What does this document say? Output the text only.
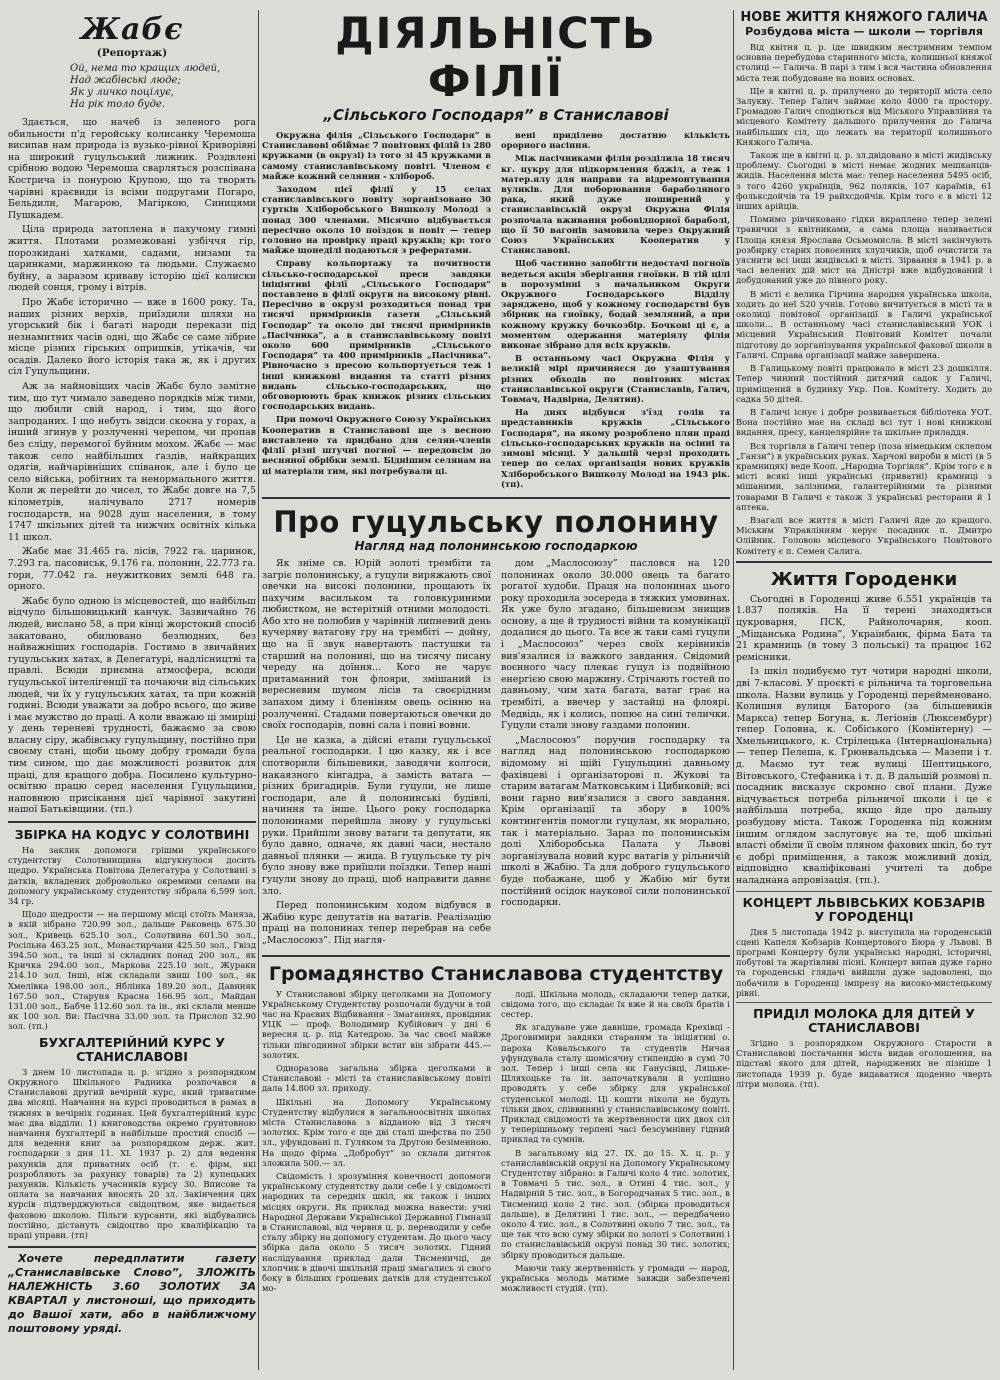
Жабє
(Репортаж)

Ой, нема то кращих людей,

Над жабівські люде;

Як у личко поцілує,

На рік толо буде.

Здається, що начеб із зеленого рога обильности п'д геройську колисанку Черемоша висипав нам природа із вузько-рівної Криворівні на широкий гуцульський лижник. Роздвлені срібною водою Черемоша сварляться розспівана Кострича із понурою Крупою, що та творять чарівні краєвиди із всіми подругами Погаро, Бельдилн, Магарою, Магіркою, Синицями Пушкадем.

Ціла природа затоплена в пахучому гимні життя. Плотами розмежовані узбіччя гір, порозкидані хатками, садами, низами та царинками, маржинкою та людьми. Служаємо буйну, а заразом криваву історію цієї колиски людей сонця, грому і вітрів.

Про Жабє історично — вже в 1600 року. Та, наших різних верхів, приїздили шляхи на угорський бік і багаті народи перекази під незнамитних часів одні, що Жабє се саме зібрие місце різних гірських опришків, утікачів, чи осадів. Далеко його історія така ж, як і других сіл Гуцульщини.

Аж за найновіших часів Жабє було замітне тим, що тут чимало заведено порядків між тими, що любили свій народ, і тим, що його запроданих. І що небуть звідси скоєна у горах, а інший згинув у розлученні черепом, чи пропав без сліду, перемогої буйним мохом. Жабє — має також село найбільших ґаздів, найкращих одягів, найчарівніших співанок, але і було це село війська, робітних та ненормального життя. Коли ж перейти до чисел, то Жабє довге на 7,5 кілометрів, налічувало 2717 номерів господарств, на 9028 душ населення, в тому 1747 шкільних дітей та нижчих освітніх кілька 11 школ.

Жабє має 31.465 га. лісів, 7922 га. царинок, 7.293 га. пасовиськ, 9.176 га. полонин, 22.773 га. гори, 77.042 га. неужиткових землі 648 га. орного.

Жабє було одною із місцевостей, що найбільш відчуло більшовицький канчук. Зазвичайно 76 людей, вислано 58, а при кінці жорстокий спосіб закатовано, обилювано безлюдних, без найважніших господарів. Гостимо в звичайних гуцульських хатах, в Делегатурі, надлісництві та правлі. Всюди приємна атмосфера, всюди гуцульської інтелігенції та почаючи від сільських людей, чи їх у гуцульських хатах, та при кожній годині. Всюди уважати за добро всього, що живе і має мужство до праці. А коли вважаю ці змиріці у день тереневі трудності, бажаємо за свою власну сіру, жабівську гуцульщину, постійно при своєму стані, щоби цьому добру громади була тим сином, що дає можливості розвиток для праці, для кращого добра. Посилено культурно-освітню працю серед населення Гуцульщини, наповнюю присікання цієї чарівної закутині нашої Батьківщини. (тп.)

ЗБІРКА НА КОДУС У СОЛОТВИНІ

На заклик допомоги грішми українського студентству Солотвинщина відгукнулося досить щедро. Українська Повітова Делегатура у Солотвині з датків, вкладених доброволько окремими селами на допомогу українському студентству зібрала 6,599 зол. 34 гр.

Щодо щедрости — на першому місці стоїть Маняза, в якій зібрано 720.99 зол., дальше Раковець 675.30 зол., Кривець 625.10 зол., Солотвина 601.50 зол., Росільна 463.25 зол., Монастирчани 425.50 зол., Гвізд 394.50 зол., та інші зі складних понад 200 зол., як Кричка 294.00 зол., Маркова 225.10 зол., Жураки 214.10 зол. Інші, ніж складали звиш 100 зол., як Хмелівка 198.00 зол., Яблінка 189.20 зол., Давиняк 167.50 зол., Старуня Красна 166.95 зол., Майдан 131.00 зол., Бабче 112.60 зол. та ін., які склали менше як 100 зол. Ви: Пасічна 33.00 зол. та Прислоп 32.90 зол. (тп.)

БУХГАЛТЕРІЙНИЙ КУРС У СТАНИСЛАВОВІ

З днем 10 листопада ц. р. згідно з розпорядком Окружного Шкільного Радника розпочався в Станиславові другий вечірній курс, який триватиме два місяці. Навчання на курсі проводиться в рамах в тижнях в вечірніх годинах. Цей бухгалтерійний курс має два відділи: 1) книговодства окремо ґрунтовною навчання бухгалтерії в найбільше простий спосіб — для ведення книг за розпорядком держ. жит. господарки з дня 11. XI. 1937 р. 2) для ведення рахунків для приватних осіб (т. є. фірм, які розробляють за рахунку товарів) та 2) купецьких рахунків. Кількість учасників курсу 30. Вписове та оплата за навчання вносять 20 зл. Закінчення цих курсів підтверджуються свідоцтвом, яке видається фаховою школою. Пільги курсанти, які відбувались постійно, дістануть свідоцтво про кваліфікацію та праці управи. (тп)

Хочете передплатити газету „Станиславівське Слово”, ЗЛОЖІТЬ НАЛЕЖНІСТЬ 3.60 ЗОЛОТИХ ЗА КВАРТАЛ у листоноші, що приходить до Вашої хати, або в найближчому поштовому уряді.

ДІЯЛЬНІСТЬ ФІЛІЇ
„Сільського Господаря” в Станиславові

Окружна філія „Сільського Господаря” в Станиславові обіймає 7 повітових філій із 280 кружками (в окрузі) із того зі 45 кружками в самому станиславівському повіті. Членом є майже кожний селянин - хлібороб.

Заходом цієї філії у 15 селах станиславівського повіту зорганізовано 30 гуртків Хліборобського Вишколу Молоді з понад 300 членами. Місячно відбувається пересічно около 10 поїздок в повіт — тепер головно на провірку праці кружків; кр: того майже щонеділі подаються з рефератами.

Справу кольпортажу та почитности сільсько-господарської преси завдяки ініціятиві філії „Сільського Господаря” поставлено в філії округи на високому рівні. Пересічно в окрузі розходиться понад три тисячі примірників газети „Сільський Господар” та около дві тисячі примірників „Пасічника”, а в станиславівському повіті около 600 примірників „Сільського Господаря” та 400 примірників „Пасічника”. Рівночасно з пресою кольпортується теж і інші книжкові видання та статті різних видань сільсько-господарських, що обговорюють брак книжок різних сільських господарських видань.

При помочі Окружного Союзу Українських Кооператив в Станиславові ще з весною виставлено та придбано для селян-членів філії різні штучні погної — передовсім до весняної обрібки землі. Біднішим селянам на ці матеріали тим, які потребували ці.

вені приділено достатню кількість орорного насіння.

Між пасічниками філія розділила 18 тисяч кг. цукру для підкормлення бджіл, а теж і матер.ялу для направи та відремонтування вуликів. Для поборювання бараболяного рака, який дуже поширений у станиславівській окрузі Окружна Філія розпочала вживання робовідпорної бараболі, що її 50 вагонів замовила через Окружний Союз Українських Кооператив у Станиславові.

Щоб частинно запобігти недостачі погноїв ведеться акція зберігання гноївки. В тій цілі в порозумінні з начальником Округи Окружного Господарського Відділу заряджено, щоб у кожному господарстві був збірник на гноївку, бодай земляний, а при кожному кружку бочкозбір. Бочкові ці є, а моментом одержання матеріялу філія виконає зібрано для всіх кружків.

В останньому часі Окружна Філія у великій мірі причиняєся до узаштування різних обходів по повітових містах станиславівської округи (Станиславів, Галич, Товмач, Надвірна, Делятин).

На днях відбувся з'їзд голів та представників кружків „Сільського Господаря”, на якому розроблено плян праці сільсько-господарських кружків на осінні та зимові місяці. У дальшій черзі проходить тепер по селах організація нових кружків Хліборобського Вишколу Молоді на 1943 рік. (тп).

Про гуцульську полонину
Нагляд над полонинською господаркою

Як зніме св. Юрій золоті трембіти та загріє полонинську, а гуцули виряжають свої овечки на високі полонини, прощають їх пахучим васильком та головкуриними любистком, не встерітній отними молодості. Або хто не полюбив у чарівній липневий день кучеряву ватагову гру на трембіті — дойну, що на її звук навертають пастушки та старший на полонині, що на тисячу писану череду на доїння... Кого не чарує притаманний тон флояри, змішаний із вересневим шумом лісів та своєрідним запахом диму і бленіням овець осінню на розлученні. Стадами повертаються овечки до своїх господарів, повні сала і повні вовни.

Це не казка, а дійсні етапи гуцульської реальної господарки. І цю казку, як і все спотворили більшевики, заводячи колгоси, накаязного кінгадра, а замість ватага — різних бригадирів. Були гуцули, не лише господари, але й полонинські будівлі, начиння та інше. Цього року господарка полонинами перейшла знову у гуцульські руки. Прийшли знову ватаги та депутати, як було давно, одначе, як давні часи, нестало давньої плянки — жида. В гуцульське ту річ було знову вже приїшли поїздки. Тепер наші гуцули знову до праці, щоб направити давнє зло.

Перед полонинським ходом відбувся в Жабію курс депутатів на ватагів. Реалізацію праці на полонинах тепер перебрав на себе „Маслосоюз”. Під нагля-

дом „Маслосоюзу” пасловся на 120 полонинах около 30.000 овець та багато рогатої худоби. Праця на полонинах цього року проходила зосереда в тяжких умовинах. Як уже було згадано, більшевизм знищив основу, а ще й трудності війни та комунікації додалися до цього. Та все ж таки самі гуцули і „Маслосоюз” через своїх керівників вив'язалися із важкого завдання. Свідомий воєнного часу плекає гуцул із подвійною енергією свою маржину. Стрічають гостей по давньому, чим хата багата, ватаг грає на трембіті, а ввечер у застайці на флоярі. Медвідь, як і колись, попює на сині телички. Гуцули стали знову газдами полонин.

„Маслосоюз” поручив господарку та нагляд над полонинською господаркою відомому ні щійі Гуцульщині давньому фахівцеві і організаторові п. Жукові та старим ватагам Матковським і Цибиковій; всі вони гарно вив'язалися з свого завдання. Крім організації та збору в 100% контингентів помогли гуцулам, як морально, так і матеріально. Зараз по полонинськім долі Хліборобська Палата у Львові зорганізувала новий курс ватагів у рільничій школі в Жабію. Та для доброго гуцульського буде побажане, щоб у Жабію міг бути постійний осідок наукової сили полонинської господарки.

Громадянство Станиславова студентству

У Станиславові збірку цеголками на Допомогу Українському Студентству розпочали будучи в той час на Краєвих Відбивання - Змаганнях, провідник УЦК — проф. Володимир Кубійович у дні 6 вересня ц. р. під Катедрою. За час своєї майже тільки півгодинної збірки встиг він зібрати 445.— золотих.

Одноразова загальна збірка цеголками в Станиславові - місті та станиславівському повіті дала 14.800 зл. приходу.

Шкільні на Допомогу Українському Студентству відбулися в загальноосвітніх школах міста Станиславова з відданою від 3 тисяч золотих. Крім того є ще дві сталі шефства по 250 зл., уфундовані п. Гуляком та Другою безіменною. На щодо фірма „Добробут” зо склали дитяток зложила 500.— зл.

Свідомість і зрозуміння конечності допомоги українському студентству дали себе і у свідомості народних та середніх шкіл, як також і інших місцях округи. Як приклад можна навести: учні Народної Держави Української Державної Гімназії в Станиславові, від червня ц. р. переводили у себе сталу збірку на допомогу студентам. До цього часу збірка дала около 5 тисяч золотих. Гідний наслідування приклад дали Тисменичці, де хлопчик в дівочі шкільній праці змагались зі свого боку в більших грошевих датків для студентської мо-

лоді. Шкільна молодь, складаючи тепер датки, свідома того, що складає їх вже й на своїх братів і сестер.

Як згадуване уже давніше, громада Крехівці - Дроговимири завдяки стараням та ініціятиві о. пароха Ковальського та студентів Ничая уфундувала сталу шомісячну стипендію в сумі 70 зол. Тепер і інші села як Ганусівці, Ляцьке-Шляхоцьке та ін. започаткували й успішно проводять у себе збірку для української студенської молоді. Ці кошти ніколи не будуть тільки двох, співвиняні у станиславівському повіті. Приклад свідомості та жертвенности цих двох сіл у теперішньому терпені часі безсумнівну гідний приклад та сумнів.

В загальному від 27. IX. до 15. X. ц. р. у станиславівській окрузі на Допомогу Українському Студентству зібрано: в Галичі коло 4 тис. золотих, в Товмачі 5 тис. зол., в Отині 4 тис. зол., у Надвірній 5 тис. зол., в Богородчанах 5 тис. зол., в Тисмениці коло 2 тис. зол. (збірка проводиться дальше), в Делятині 1 тис. зол., — передбачено около 4 тис. зол., в Солотвині около 7 тис. зол., та ще так что всю суму збірки по золоті з Солотвині і по станиславівській окрузі понад 30 тис. золотих; збірку проводиться дальше.

Маючи таку жертвенність у громади — народ, українська молодь матиме завжди забезпечені можливості студій. (тп).

НОВЕ ЖИТТЯ КНЯЖОГО ГАЛИЧА
Розбудова міста — школи — торгівля

Від квітня ц. р. іде швидким нестримним темпом основна перебудова старинного міста, колишньої княжої столиці — Галича. В парі з тим і вся частина обновлення міста теж побудоване на нових основах.

Ще в квітні ц. р. прилучено до території міста село Залукву. Тепер Галич займає коло 4000 га простору. Громадою Галич сподіються від Міського Управління та місцевого Комітету дальшого прилучення до Галича найбільших сіл, що лежать на території колишнього Княжого Галича.

Також ще в квітні ц. р. зл.двідовано в місті жидівську проблему. Сьогодні в місті немає жодних мешканців-жидів. Населення міста має: тепер населення 5495 осіб, з того 4260 українців, 962 поляків, 107 караїмів, 61 фольксдойчів та 19 райхсдойчів. Крім того є в місті 12 інших арійців.

Помимо рівчиковано гідки вкраплено тепер зелені травички з квітниками, а сама площа називається Площа князя Ярослава Осьмомисла. В місті закінчують розбирку старих повоєнних хлупчиків, щоб очистити та уяснити всі інші жидівські в місті. Зірвання в 1941 р. в часі велених дій міст на Дністрі вже відбудований і добудований уже до півного року.

В місті є велика Гірчина народня українська школа, ходить до неї 520 учнів. Готово вичитується в місті та в околиці повітової організації в Галичі української школи... В останньому часі станиславівський УОК і місцевий Український Повітовий Комітет почали підготову до зорганізування української фахової школи в Галичі. Справа організації майже завершена.

В Галицькому повіті працювало в місті 23 дошкілля. Тепер чинний постійний дитячий садок у Галичі, приміщений в будинку Укр. Пов. Комітету. Ходить до садка 50 дітей.

В Галичі існує і добре розвивається бібліотека УОТ. Вона постійно має на складі всі тут і нові книжкові видання, пресу, канцелярійне та шкільне приладдя.

Вся торгівля в Галичі тепер (поза німецьким склепом „Ганзи”) в українських руках. Харчові вироби в місті (в 5 крамницях) веде Кооп. „Народна Торгівля”. Крім того є в місті всякі інші українські (приватні) крамниці з мішаними, залізними, галантерійними та різними товарами В Галичі є також 3 українські ресторани й 1 аптека.

Взагалі все життя в місті Галичі йде до кращого. Міським Управлінням керує посадник п. Дмитро Олійник. Головою місцевого Українського Повітового Комітету є п. Семен Салига.

Життя Городенки

Сьогодні в Городенці живе 6.551 українців та 1.837 поляків. На її терені знаходяться цукроварня, ПСК, Райнолочарня, кооп. „Міщанська Родина”, Украінбанк, фірма Бата та 21 крамниць (в тому 3 польські) та працює 162 ремісники.

Із шкіл подибуємо тут чотири народні школи, дві 7-класові. У проєкті є рільнича та торговельна школа. Назви вулиць у Городенці перейменовано. Колишня вулиця Баторого (за більшевиків Маркса) тепер Богуна, к. Легіонів (Люксембург) тепер Головна, к. Собіського (Комінтерну) — Хмельницького, к. Стрілецька (Інтернаціональна) — тепер Пелеша, к. Грюнвальдська — Мазепи і т. д. Маємо тут теж вулиці Шептицького, Вітовського, Стефаника і т. д. В дальшій розмові п. посадник висказує скромно свої плани. Дуже відчувається потреба рільничої школи і це є найбільша потреба, якщо йде про дальшу розбудову міста. Також Городенка під кожним іншим оглядом заслуговує на те, щоб шкільні власті обміли її своїм пляном фахових шкіл, бо тут є добрі приміщення, а також можливий дохід, відповідно кваліфіковані учителі та добре наладнана апровізація. (тп.).

КОНЦЕРТ ЛЬВІВСЬКИХ КОБЗАРІВ У ГОРОДЕНЦІ

Дня 5 листопада 1942 р. виступила на городенській сцені Капеля Кобзарів Концертового Бюра у Львові. В програмі Концерту були українські народні, історичні, побутові та жартівливі пісні. Концерт випав дуже гарно та городенські глядачі вийшли дуже задоволені, що побачили в Городенці імпрезу на високо-мистецькому рівні.

ПРИДІЛ МОЛОКА ДЛЯ ДІТЕЙ У СТАНИСЛАВОВІ

Згідно з розпорядком Окружного Старости в Станиславові постачання міста видав оголошення, на підставі якого для дітей, народжених не пізніше 1 листопада 1939 р. буде видаватися щоденно чверть літри молока. (тп).
